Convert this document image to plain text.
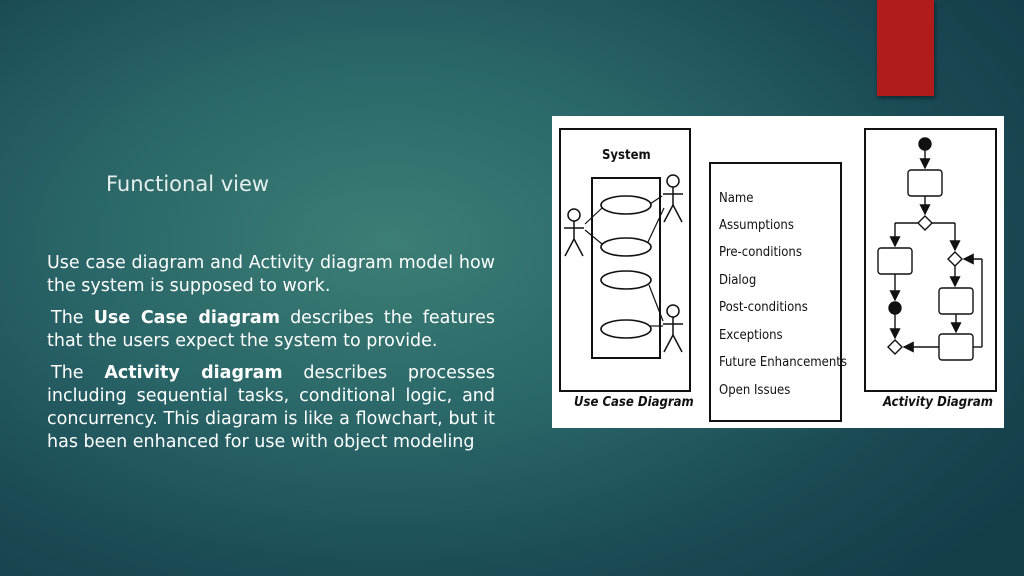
Functional view

Use case diagram and Activity diagram model how the system is supposed to work.

The Use Case diagram describes the features that the users expect the system to provide.

The Activity diagram describes processes including sequential tasks, conditional logic, and concurrency. This diagram is like a flowchart, but it has been enhanced for use with object modeling

System
Use Case Diagram
Name
Assumptions
Pre-conditions
Dialog
Post-conditions
Exceptions
Future Enhancements
Open Issues
Activity Diagram
